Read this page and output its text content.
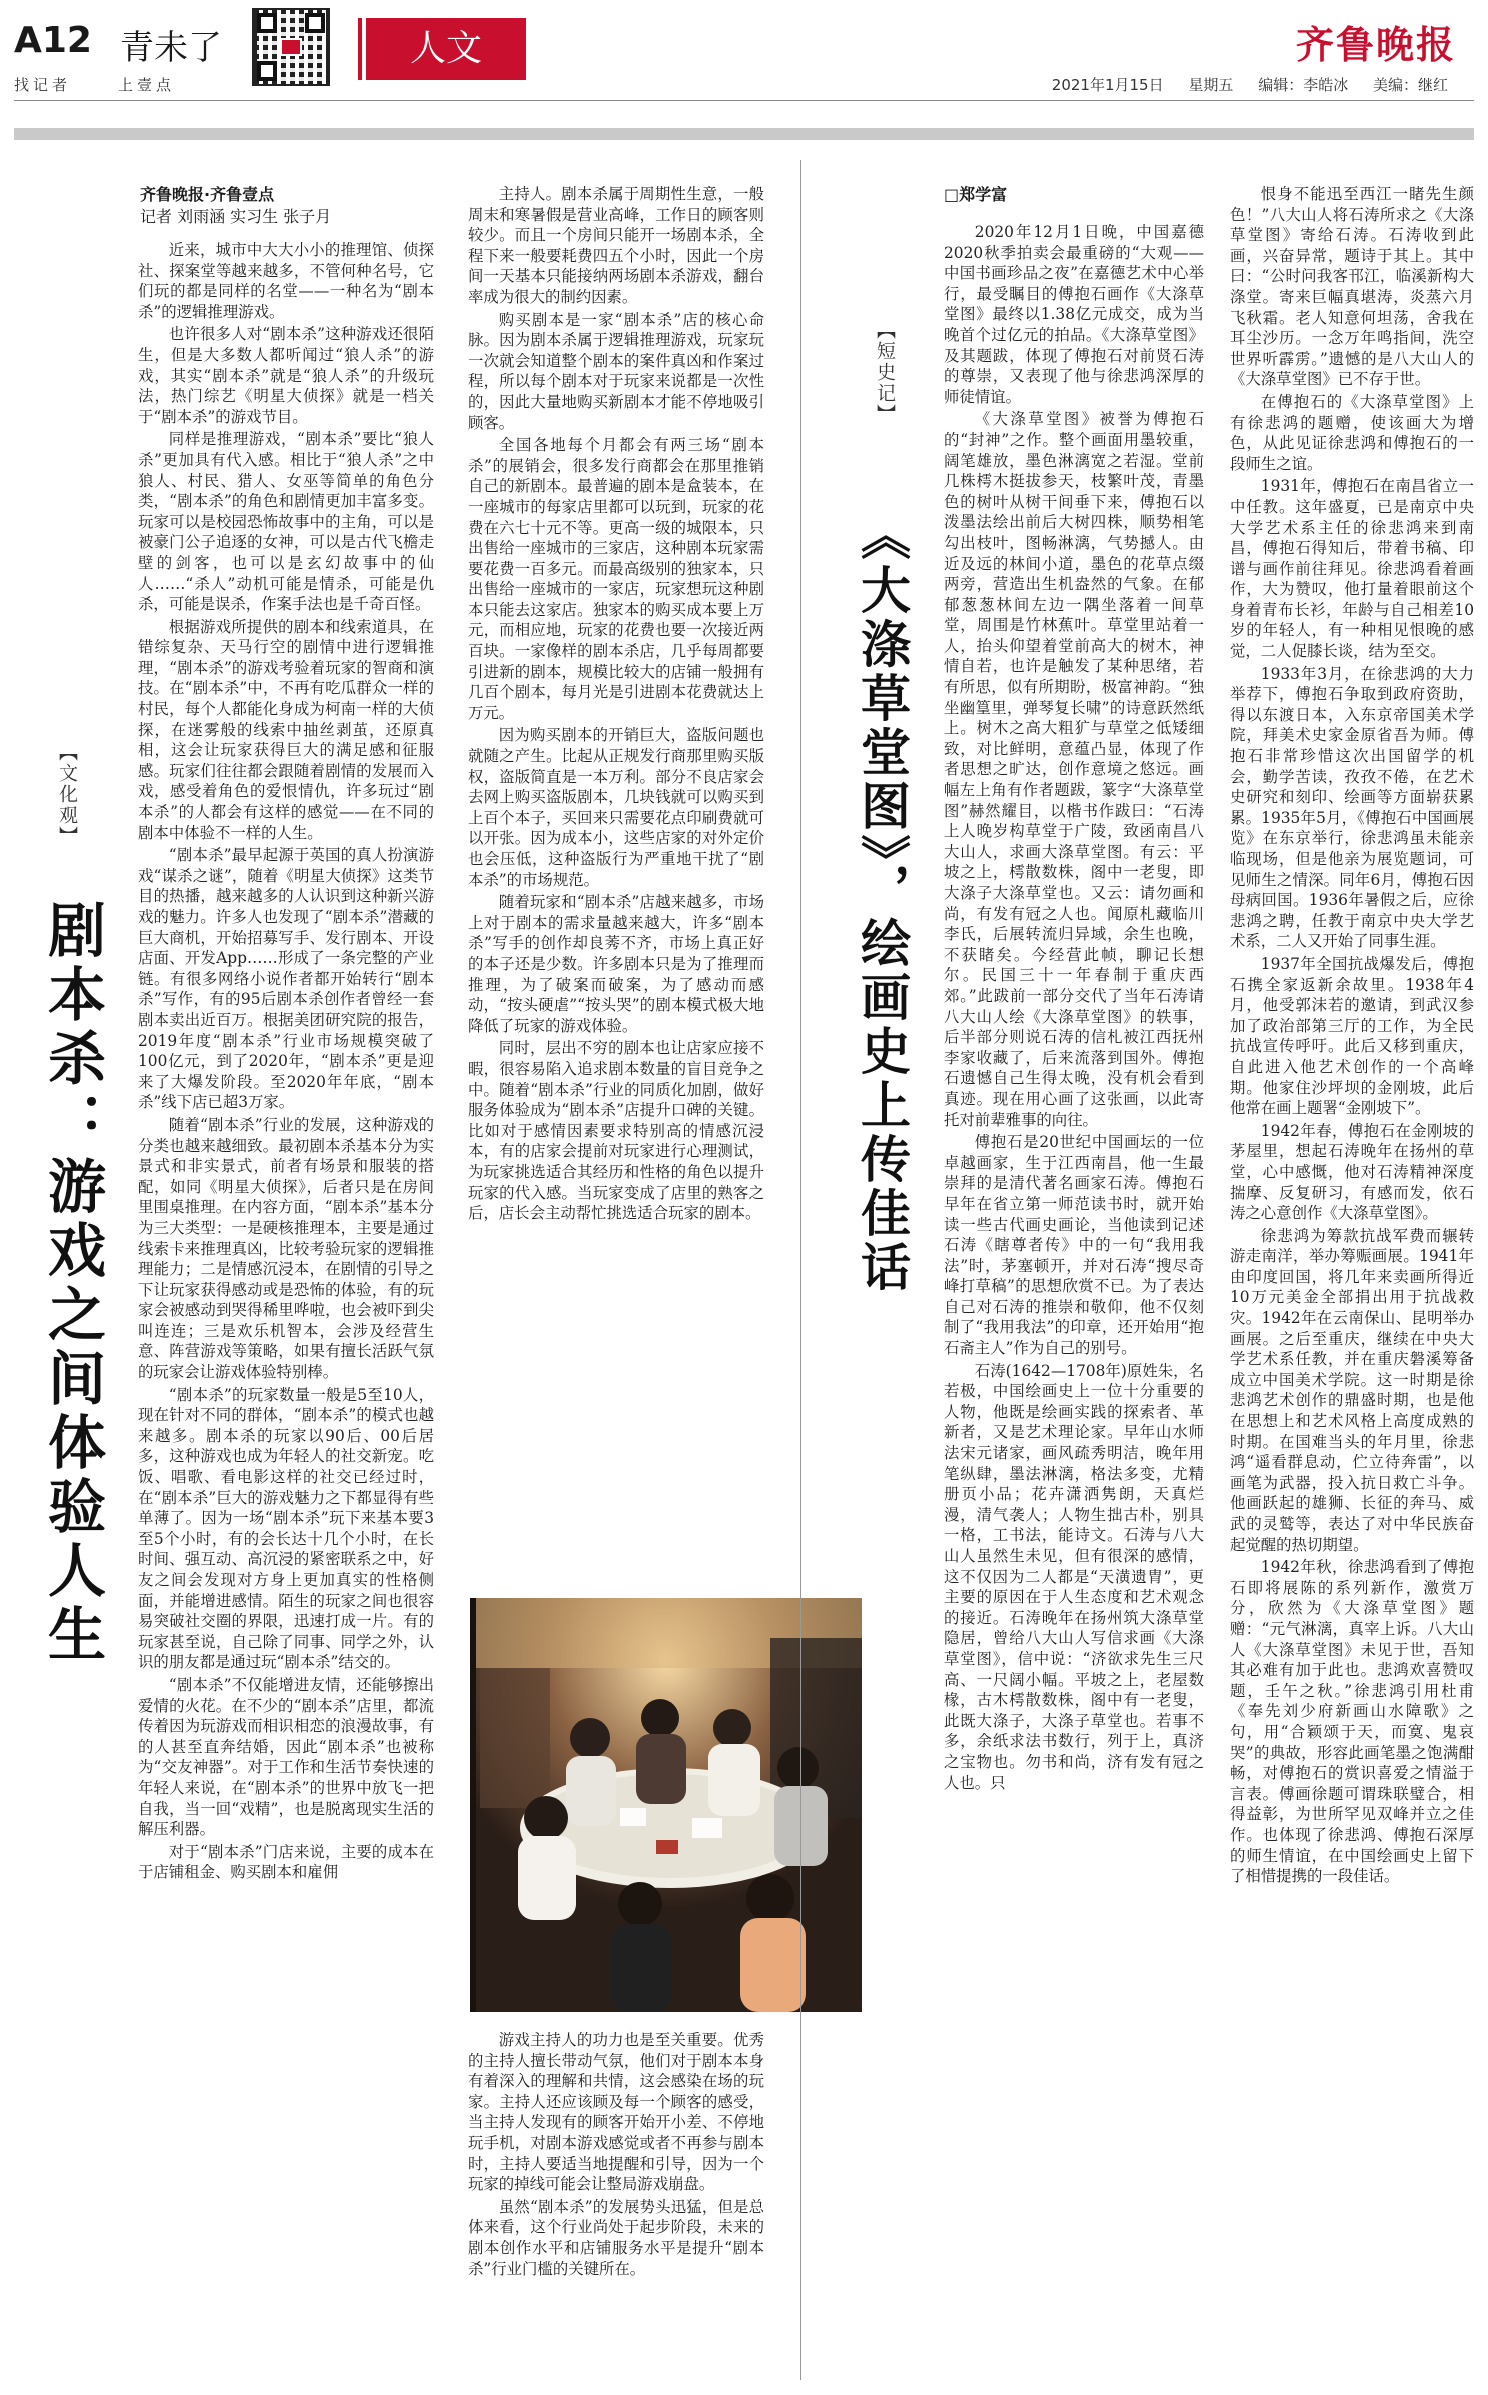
A12 青未了
找记者	上壹点
人文	齐鲁晚报
2021年1月15日 星期五 编辑：李皓冰 美编：继红
【文化观】
剧本杀：游戏之间体验人生
齐鲁晚报·齐鲁壹点
记者 刘雨涵 实习生 张子月

近来，城市中大大小小的推理馆、侦探社、探案堂等越来越多，不管何种名号，它们玩的都是同样的名堂——一种名为“剧本杀”的逻辑推理游戏。

也许很多人对“剧本杀”这种游戏还很陌生，但是大多数人都听闻过“狼人杀”的游戏，其实“剧本杀”就是“狼人杀”的升级玩法，热门综艺《明星大侦探》就是一档关于“剧本杀”的游戏节目。

同样是推理游戏，“剧本杀”要比“狼人杀”更加具有代入感。相比于“狼人杀”之中狼人、村民、猎人、女巫等简单的角色分类，“剧本杀”的角色和剧情更加丰富多变。玩家可以是校园恐怖故事中的主角，可以是被豪门公子追逐的女神，可以是古代飞檐走壁的剑客，也可以是玄幻故事中的仙人……“杀人”动机可能是情杀，可能是仇杀，可能是误杀，作案手法也是千奇百怪。

根据游戏所提供的剧本和线索道具，在错综复杂、天马行空的剧情中进行逻辑推理，“剧本杀”的游戏考验着玩家的智商和演技。在“剧本杀”中，不再有吃瓜群众一样的村民，每个人都能化身成为柯南一样的大侦探，在迷雾般的线索中抽丝剥茧，还原真相，这会让玩家获得巨大的满足感和征服感。玩家们往往都会跟随着剧情的发展而入戏，感受着角色的爱恨情仇，许多玩过“剧本杀”的人都会有这样的感觉——在不同的剧本中体验不一样的人生。

“剧本杀”最早起源于英国的真人扮演游戏“谋杀之谜”，随着《明星大侦探》这类节目的热播，越来越多的人认识到这种新兴游戏的魅力。许多人也发现了“剧本杀”潜藏的巨大商机，开始招募写手、发行剧本、开设店面、开发App……形成了一条完整的产业链。有很多网络小说作者都开始转行“剧本杀”写作，有的95后剧本杀创作者曾经一套剧本卖出近百万。根据美团研究院的报告，2019年度“剧本杀”行业市场规模突破了100亿元，到了2020年，“剧本杀”更是迎来了大爆发阶段。至2020年年底，“剧本杀”线下店已超3万家。

随着“剧本杀”行业的发展，这种游戏的分类也越来越细致。最初剧本杀基本分为实景式和非实景式，前者有场景和服装的搭配，如同《明星大侦探》，后者只是在房间里围桌推理。在内容方面，“剧本杀”基本分为三大类型：一是硬核推理本，主要是通过线索卡来推理真凶，比较考验玩家的逻辑推理能力；二是情感沉浸本，在剧情的引导之下让玩家获得感动或是恐怖的体验，有的玩家会被感动到哭得稀里哗啦，也会被吓到尖叫连连；三是欢乐机智本，会涉及经营生意、阵营游戏等策略，如果有擅长活跃气氛的玩家会让游戏体验特别棒。

“剧本杀”的玩家数量一般是5至10人，现在针对不同的群体，“剧本杀”的模式也越来越多。剧本杀的玩家以90后、00后居多，这种游戏也成为年轻人的社交新宠。吃饭、唱歌、看电影这样的社交已经过时，在“剧本杀”巨大的游戏魅力之下都显得有些单薄了。因为一场“剧本杀”玩下来基本要3至5个小时，有的会长达十几个小时，在长时间、强互动、高沉浸的紧密联系之中，好友之间会发现对方身上更加真实的性格侧面，并能增进感情。陌生的玩家之间也很容易突破社交圈的界限，迅速打成一片。有的玩家甚至说，自己除了同事、同学之外，认识的朋友都是通过玩“剧本杀”结交的。

“剧本杀”不仅能增进友情，还能够擦出爱情的火花。在不少的“剧本杀”店里，都流传着因为玩游戏而相识相恋的浪漫故事，有的人甚至直奔结婚，因此“剧本杀”也被称为“交友神器”。对于工作和生活节奏快速的年轻人来说，在“剧本杀”的世界中放飞一把自我，当一回“戏精”，也是脱离现实生活的解压利器。

对于“剧本杀”门店来说，主要的成本在于店铺租金、购买剧本和雇佣

主持人。剧本杀属于周期性生意，一般周末和寒暑假是营业高峰，工作日的顾客则较少。而且一个房间只能开一场剧本杀，全程下来一般要耗费四五个小时，因此一个房间一天基本只能接纳两场剧本杀游戏，翻台率成为很大的制约因素。

购买剧本是一家“剧本杀”店的核心命脉。因为剧本杀属于逻辑推理游戏，玩家玩一次就会知道整个剧本的案件真凶和作案过程，所以每个剧本对于玩家来说都是一次性的，因此大量地购买新剧本才能不停地吸引顾客。

全国各地每个月都会有两三场“剧本杀”的展销会，很多发行商都会在那里推销自己的新剧本。最普遍的剧本是盒装本，在一座城市的每家店里都可以玩到，玩家的花费在六七十元不等。更高一级的城限本，只出售给一座城市的三家店，这种剧本玩家需要花费一百多元。而最高级别的独家本，只出售给一座城市的一家店，玩家想玩这种剧本只能去这家店。独家本的购买成本要上万元，而相应地，玩家的花费也要一次接近两百块。一家像样的剧本杀店，几乎每周都要引进新的剧本，规模比较大的店铺一般拥有几百个剧本，每月光是引进剧本花费就达上万元。

因为购买剧本的开销巨大，盗版问题也就随之产生。比起从正规发行商那里购买版权，盗版简直是一本万利。部分不良店家会去网上购买盗版剧本，几块钱就可以购买到上百个本子，买回来只需要花点印刷费就可以开张。因为成本小，这些店家的对外定价也会压低，这种盗版行为严重地干扰了“剧本杀”的市场规范。

随着玩家和“剧本杀”店越来越多，市场上对于剧本的需求量越来越大，许多“剧本杀”写手的创作却良莠不齐，市场上真正好的本子还是少数。许多剧本只是为了推理而推理，为了破案而破案，为了感动而感动，“按头硬虐”“按头哭”的剧本模式极大地降低了玩家的游戏体验。

同时，层出不穷的剧本也让店家应接不暇，很容易陷入追求剧本数量的盲目竞争之中。随着“剧本杀”行业的同质化加剧，做好服务体验成为“剧本杀”店提升口碑的关键。比如对于感情因素要求特别高的情感沉浸本，有的店家会提前对玩家进行心理测试，为玩家挑选适合其经历和性格的角色以提升玩家的代入感。当玩家变成了店里的熟客之后，店长会主动帮忙挑选适合玩家的剧本。

游戏主持人的功力也是至关重要。优秀的主持人擅长带动气氛，他们对于剧本本身有着深入的理解和共情，这会感染在场的玩家。主持人还应该顾及每一个顾客的感受，当主持人发现有的顾客开始开小差、不停地玩手机，对剧本游戏感觉或者不再参与剧本时，主持人要适当地提醒和引导，因为一个玩家的掉线可能会让整局游戏崩盘。

虽然“剧本杀”的发展势头迅猛，但是总体来看，这个行业尚处于起步阶段，未来的剧本创作水平和店铺服务水平是提升“剧本杀”行业门槛的关键所在。

□郑学富
【短史记】
《大涤草堂图》，绘画史上传佳话

2020年12月1日晚，中国嘉德2020秋季拍卖会最重磅的“大观——中国书画珍品之夜”在嘉德艺术中心举行，最受瞩目的傅抱石画作《大涤草堂图》最终以1.38亿元成交，成为当晚首个过亿元的拍品。《大涤草堂图》及其题跋，体现了傅抱石对前贤石涛的尊崇，又表现了他与徐悲鸿深厚的师徒情谊。

《大涤草堂图》被誉为傅抱石的“封神”之作。整个画面用墨较重，阔笔雄放，墨色淋漓宽之若湿。堂前几株樗木挺拔参天，枝繁叶茂，青墨色的树叶从树干间垂下来，傅抱石以泼墨法绘出前后大树四株，顺势相笔勾出枝叶，图畅淋漓，气势撼人。由近及远的林间小道，墨色的花草点缀两旁，营造出生机盎然的气象。在郁郁葱葱林间左边一隅坐落着一间草堂，周围是竹林蕉叶。草堂里站着一人，抬头仰望着堂前高大的树木，神情自若，也许是触发了某种思绪，若有所思，似有所期盼，极富神韵。“独坐幽篁里，弹琴复长啸”的诗意跃然纸上。树木之高大粗犷与草堂之低矮细致，对比鲜明，意蕴凸显，体现了作者思想之旷达，创作意境之悠远。画幅左上角有作者题跋，篆字“大涤草堂图”赫然耀目，以楷书作跋曰：“石涛上人晚岁构草堂于广陵，致函南昌八大山人，求画大涤草堂图。有云：平坡之上，樗散数株，阁中一老叟，即大涤子大涤草堂也。又云：请勿画和尚，有发有冠之人也。闻原札藏临川李氏，后展转流归异域，余生也晚，不获睹矣。今经营此帧，聊记长想尔。民国三十一年春制于重庆西郊。”此跋前一部分交代了当年石涛请八大山人绘《大涤草堂图》的轶事，后半部分则说石涛的信札被江西抚州李家收藏了，后来流落到国外。傅抱石遗憾自己生得太晚，没有机会看到真迹。现在用心画了这张画，以此寄托对前辈雅事的向往。

傅抱石是20世纪中国画坛的一位卓越画家，生于江西南昌，他一生最崇拜的是清代著名画家石涛。傅抱石早年在省立第一师范读书时，就开始读一些古代画史画论，当他读到记述石涛《瞎尊者传》中的一句“我用我法”时，茅塞顿开，并对石涛“搜尽奇峰打草稿”的思想欣赏不已。为了表达自己对石涛的推崇和敬仰，他不仅刻制了“我用我法”的印章，还开始用“抱石斋主人”作为自己的别号。

石涛(1642—1708年)原姓朱，名若极，中国绘画史上一位十分重要的人物，他既是绘画实践的探索者、革新者，又是艺术理论家。早年山水师法宋元诸家，画风疏秀明洁，晚年用笔纵肆，墨法淋漓，格法多变，尤精册页小品；花卉潇洒隽朗，天真烂漫，清气袭人；人物生拙古朴，别具一格，工书法，能诗文。石涛与八大山人虽然生未见，但有很深的感情，这不仅因为二人都是“天潢遗胄”，更主要的原因在于人生态度和艺术观念的接近。石涛晚年在扬州筑大涤草堂隐居，曾给八大山人写信求画《大涤草堂图》，信中说：“济欲求先生三尺高、一尺阔小幅。平坡之上，老屋数椽，古木樗散数株，阁中有一老叟，此既大涤子，大涤子草堂也。若事不多，余纸求法书数行，列于上，真济之宝物也。勿书和尚，济有发有冠之人也。只

恨身不能迅至西江一睹先生颜色！”八大山人将石涛所求之《大涤草堂图》寄给石涛。石涛收到此画，兴奋异常，题诗于其上。其中曰：“公时问我客邗江，临溪新构大涤堂。寄来巨幅真堪涛，炎蒸六月飞秋霜。老人知意何坦荡，舍我在耳尘沙历。一念万年鸣指间，洗空世界听霹雳。”遗憾的是八大山人的《大涤草堂图》已不存于世。

在傅抱石的《大涤草堂图》上有徐悲鸿的题赠，使该画大为增色，从此见证徐悲鸿和傅抱石的一段师生之谊。

1931年，傅抱石在南昌省立一中任教。这年盛夏，已是南京中央大学艺术系主任的徐悲鸿来到南昌，傅抱石得知后，带着书稿、印谱与画作前往拜见。徐悲鸿看着画作，大为赞叹，他打量着眼前这个身着青布长衫，年龄与自己相差10岁的年轻人，有一种相见恨晚的感觉，二人促膝长谈，结为至交。

1933年3月，在徐悲鸿的大力举荐下，傅抱石争取到政府资助，得以东渡日本，入东京帝国美术学院，拜美术史家金原省吾为师。傅抱石非常珍惜这次出国留学的机会，勤学苦读，孜孜不倦，在艺术史研究和刻印、绘画等方面崭获累累。1935年5月，《傅抱石中国画展览》在东京举行，徐悲鸿虽未能亲临现场，但是他亲为展览题词，可见师生之情深。同年6月，傅抱石因母病回国。1936年暑假之后，应徐悲鸿之聘，任教于南京中央大学艺术系，二人又开始了同事生涯。

1937年全国抗战爆发后，傅抱石携全家返新余故里。1938年4月，他受郭沫若的邀请，到武汉参加了政治部第三厅的工作，为全民抗战宣传呼吁。此后又移到重庆，自此进入他艺术创作的一个高峰期。他家住沙坪坝的金刚坡，此后他常在画上题署“金刚坡下”。

1942年春，傅抱石在金刚坡的茅屋里，想起石涛晚年在扬州的草堂，心中感慨，他对石涛精神深度揣摩、反复研习，有感而发，依石涛之心意创作《大涤草堂图》。

徐悲鸿为筹款抗战军费而辗转游走南洋，举办筹赈画展。1941年由印度回国，将几年来卖画所得近10万元美金全部捐出用于抗战救灾。1942年在云南保山、昆明举办画展。之后至重庆，继续在中央大学艺术系任教，并在重庆磐溪筹备成立中国美术学院。这一时期是徐悲鸿艺术创作的鼎盛时期，也是他在思想上和艺术风格上高度成熟的时期。在国难当头的年月里，徐悲鸿“遥看群息动，伫立待奔雷”，以画笔为武器，投入抗日救亡斗争。他画跃起的雄狮、长征的奔马、威武的灵鹫等，表达了对中华民族奋起觉醒的热切期望。

1942年秋，徐悲鸿看到了傅抱石即将展陈的系列新作，激赏万分，欣然为《大涤草堂图》题赠：“元气淋漓，真宰上诉。八大山人《大涤草堂图》未见于世，吾知其必难有加于此也。悲鸿欢喜赞叹题，壬午之秋。”徐悲鸿引用杜甫《奉先刘少府新画山水障歌》之句，用“合颖颂于天，而寞、鬼哀哭”的典故，形容此画笔墨之饱满酣畅，对傅抱石的赏识喜爱之情溢于言表。傅画徐题可谓珠联璧合，相得益彰，为世所罕见双峰并立之佳作。也体现了徐悲鸿、傅抱石深厚的师生情谊，在中国绘画史上留下了相惜提携的一段佳话。
